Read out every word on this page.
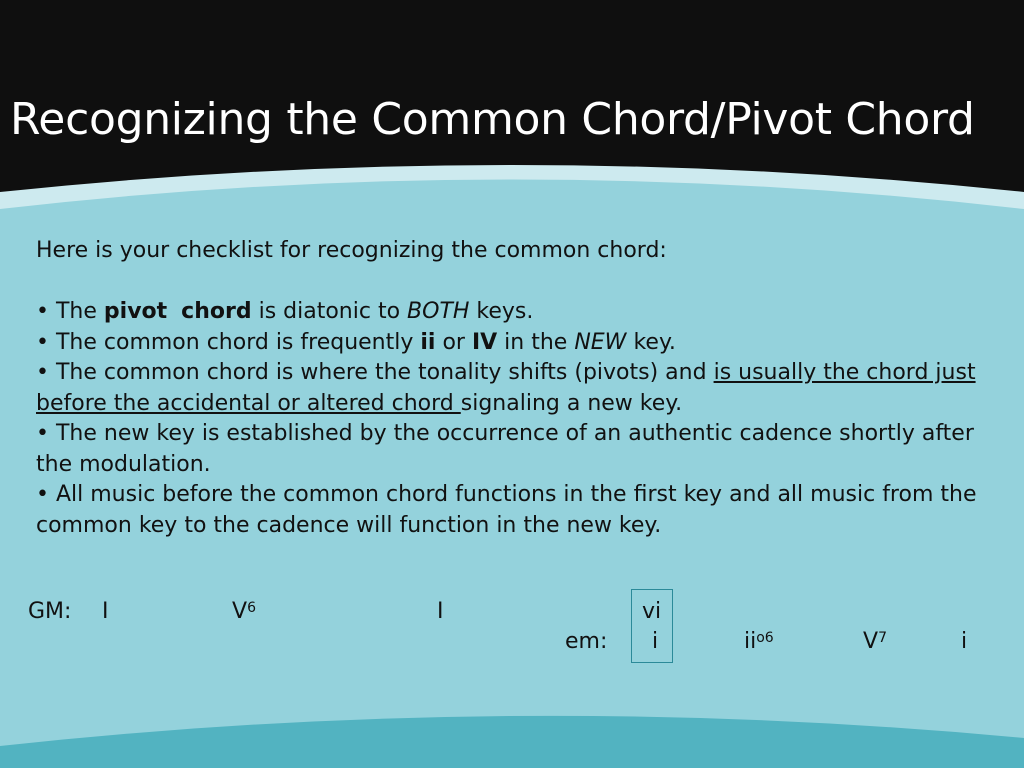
Recognizing the Common Chord/Pivot Chord

Here is your checklist for recognizing the common chord:

• The pivot chord is diatonic to BOTH keys.

• The common chord is frequently ii or IV in the NEW key.

• The common chord is where the tonality shifts (pivots) and is usually the chord just before the accidental or altered chord signaling a new key.

• The new key is established by the occurrence of an authentic cadence shortly after the modulation.

• All music before the common chord functions in the first key and all music from the common key to the cadence will function in the new key.

GM: I	$V^6$	I	vi
em: i	$ii^{o6}$	$V^7$	i
